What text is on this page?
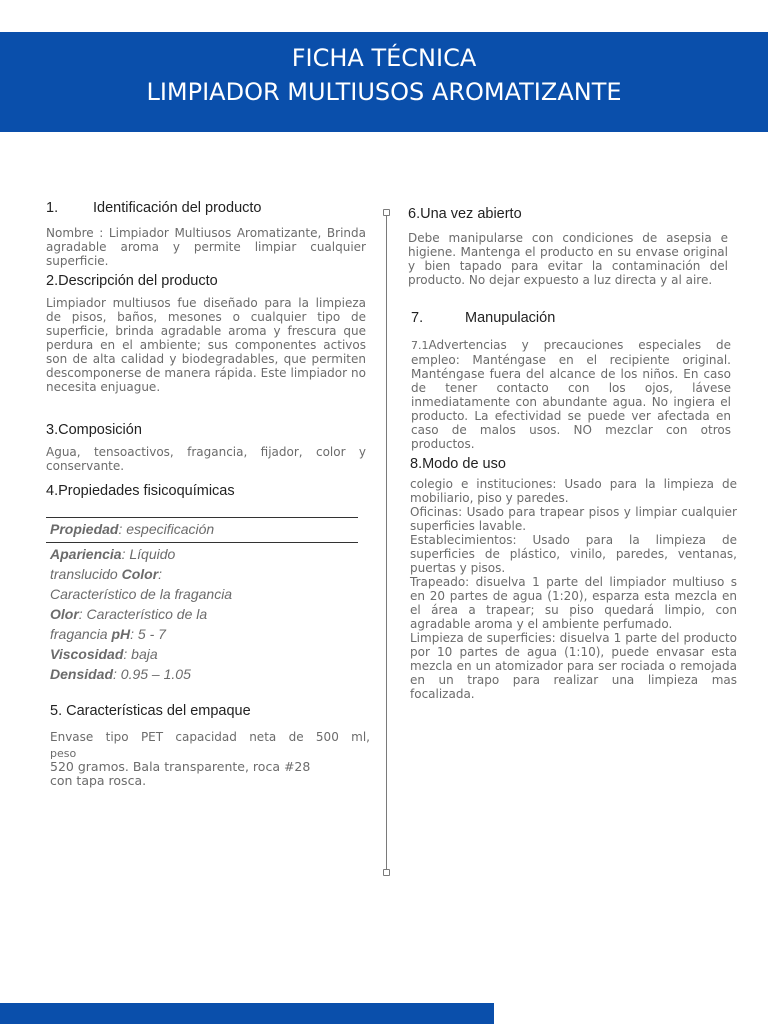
FICHA TÉCNICA
LIMPIADOR MULTIUSOS AROMATIZANTE
1. Identificación del producto

Nombre : Limpiador Multiusos Aromatizante, Brinda agradable aroma y permite limpiar cualquier superficie.

2.Descripción del producto

Limpiador multiusos fue diseñado para la limpieza de pisos, baños, mesones o cualquier tipo de superficie, brinda agradable aroma y frescura que perdura en el ambiente; sus componentes activos son de alta calidad y biodegradables, que permiten descomponerse de manera rápida. Este limpiador no necesita enjuague.

3.Composición

Agua, tensoactivos, fragancia, fijador, color y conservante.

4.Propiedades fisicoquímicas

Propiedad: especificación
Apariencia: Líquido
translucido Color:
Característico de la fragancia
Olor: Característico de la
fragancia pH: 5 - 7
Viscosidad: baja
Densidad: 0.95 – 1.05

5. Características del empaque

Envase tipo PET capacidad neta de 500 ml,
peso
520 gramos. Bala transparente, roca #28
con tapa rosca.

6.Una vez abierto

Debe manipularse con condiciones de asepsia e higiene. Mantenga el producto en su envase original y bien tapado para evitar la contaminación del producto. No dejar expuesto a luz directa y al aire.

7.	Manupulación

7.1Advertencias y precauciones especiales de empleo: Manténgase en el recipiente original. Manténgase fuera del alcance de los niños. En caso de tener contacto con los ojos, lávese inmediatamente con abundante agua. No ingiera el producto. La efectividad se puede ver afectada en caso de malos usos. NO mezclar con otros productos.

8.Modo de uso

colegio e instituciones: Usado para la limpieza de mobiliario, piso y paredes.

Oficinas: Usado para trapear pisos y limpiar cualquier superficies lavable.

Establecimientos: Usado para la limpieza de superficies de plástico, vinilo, paredes, ventanas, puertas y pisos.

Trapeado: disuelva 1 parte del limpiador multiuso s en 20 partes de agua (1:20), esparza esta mezcla en el área a trapear; su piso quedará limpio, con agradable aroma y el ambiente perfumado.

Limpieza de superficies: disuelva 1 parte del producto por 10 partes de agua (1:10), puede envasar esta mezcla en un atomizador para ser rociada o remojada en un trapo para realizar una limpieza mas focalizada.
